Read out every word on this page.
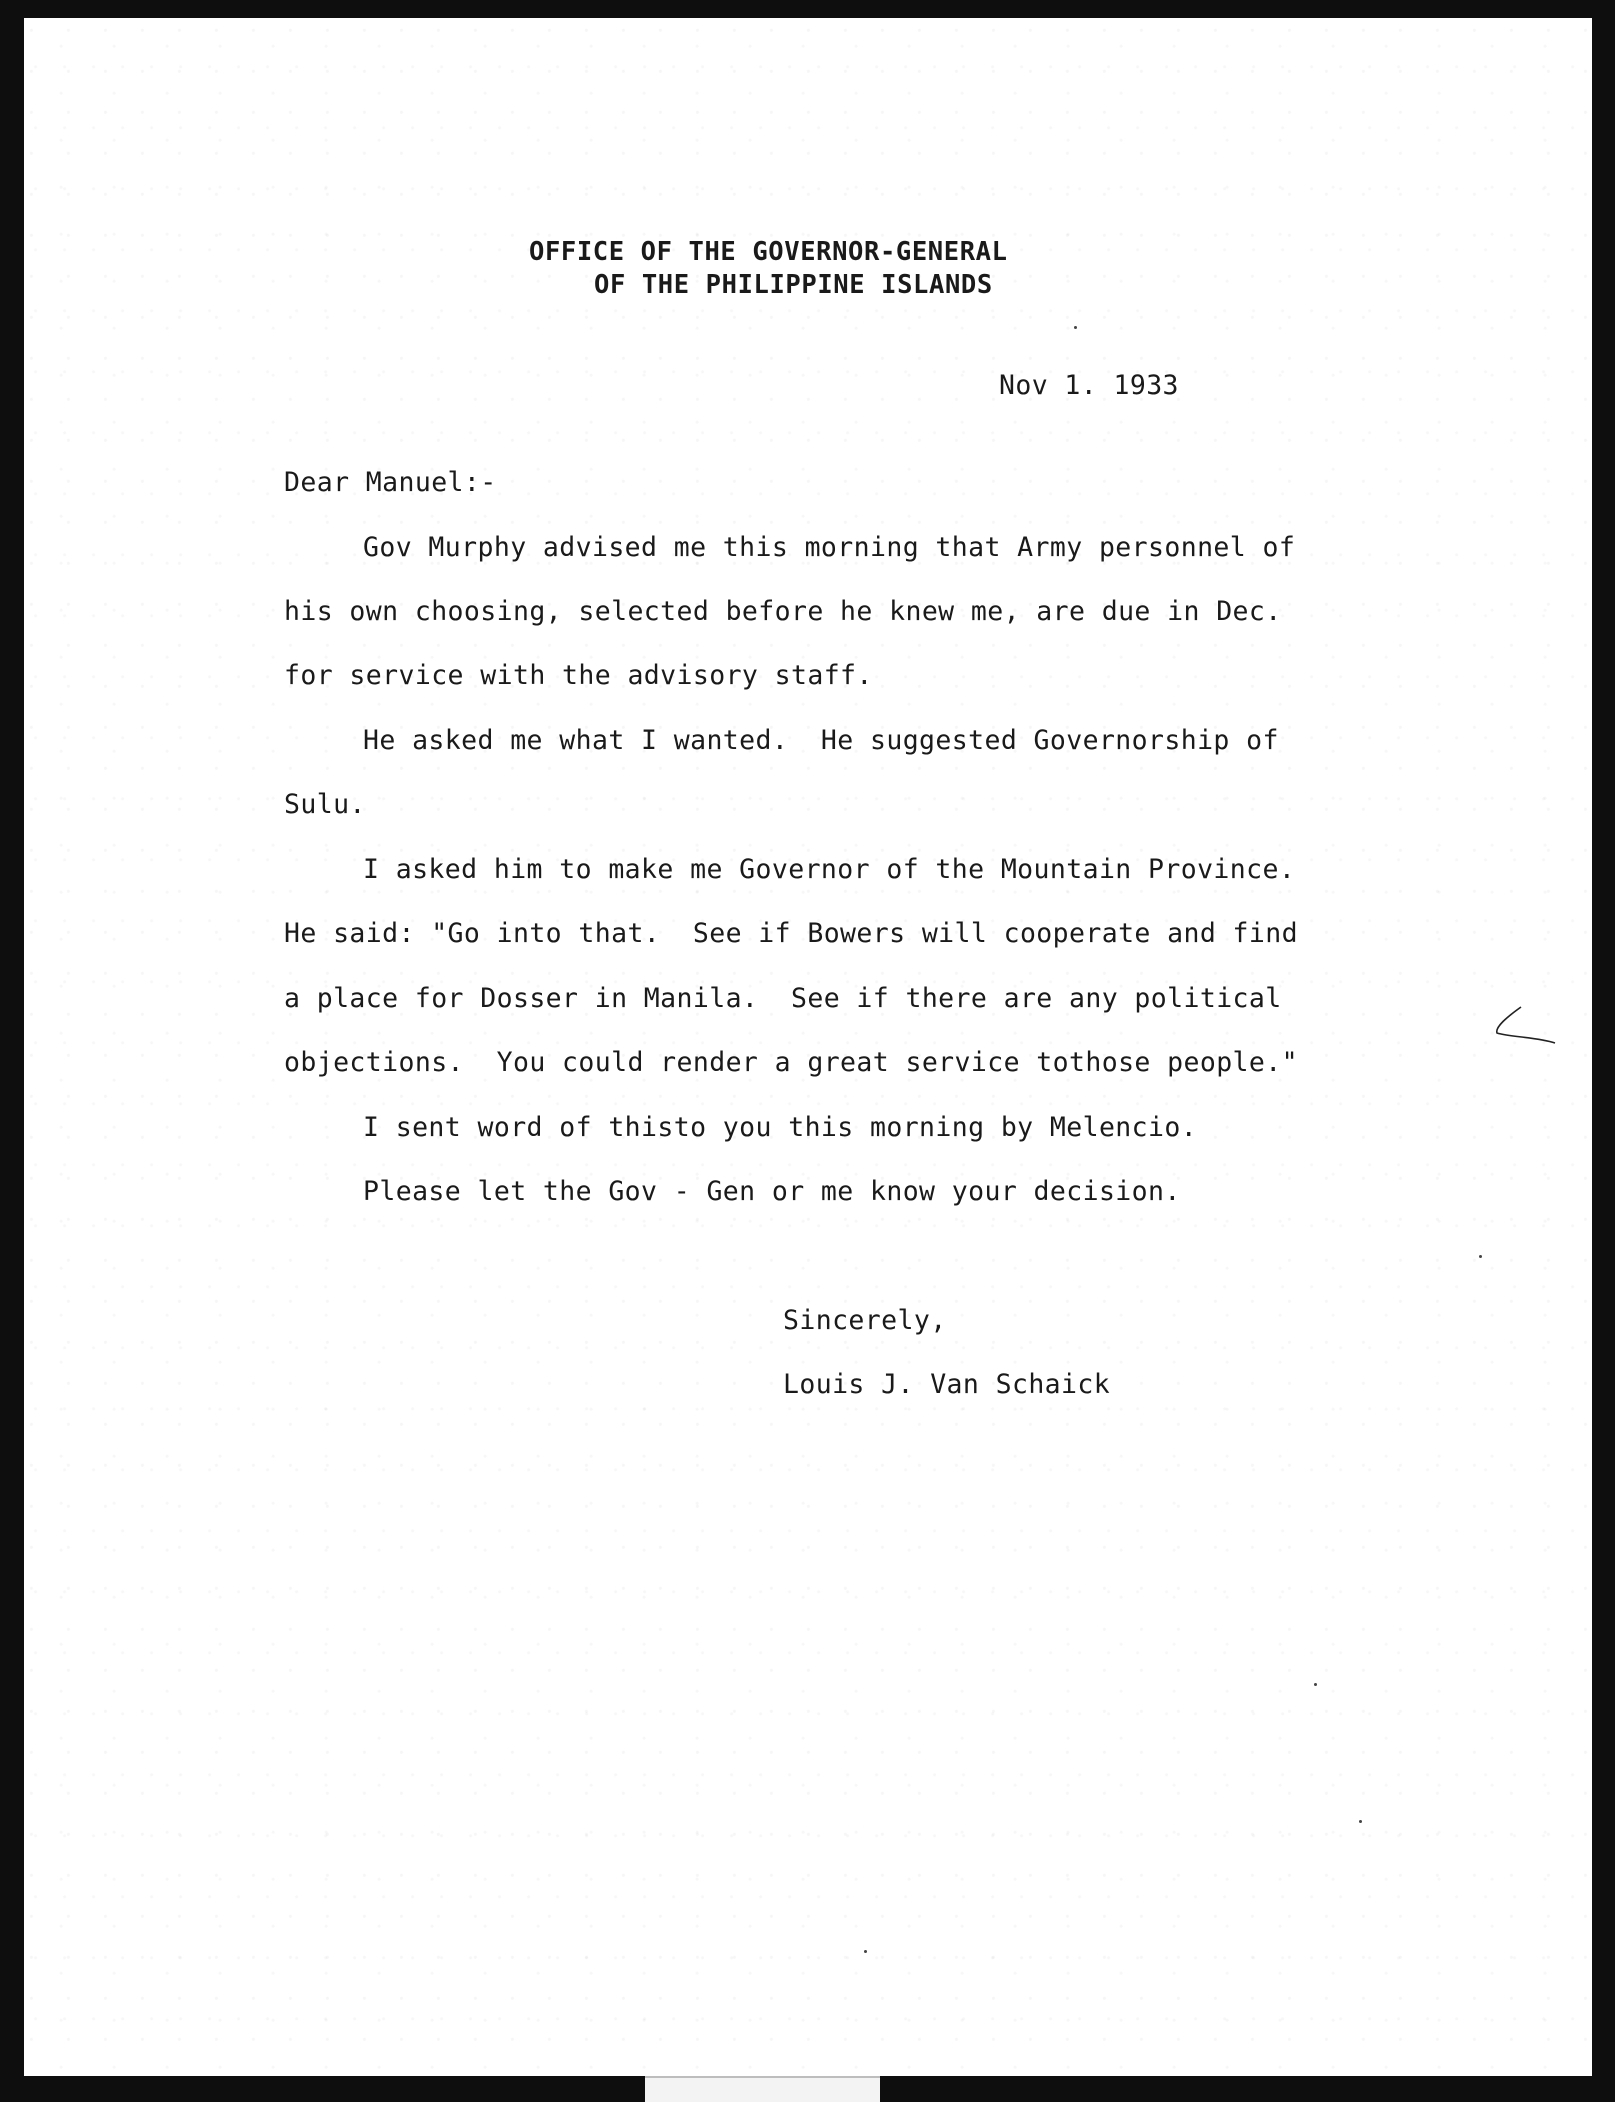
OFFICE OF THE GOVERNOR-GENERAL
OF THE PHILIPPINE ISLANDS
Nov 1. 1933
Dear Manuel:-
Gov Murphy advised me this morning that Army personnel of
his own choosing, selected before he knew me, are due in Dec.
for service with the advisory staff.
He asked me what I wanted.  He suggested Governorship of
Sulu.
I asked him to make me Governor of the Mountain Province.
He said: "Go into that.  See if Bowers will cooperate and find
a place for Dosser in Manila.  See if there are any political
objections.  You could render a great service tothose people."
I sent word of thisto you this morning by Melencio.
Please let the Gov - Gen or me know your decision.
Sincerely,
Louis J. Van Schaick
